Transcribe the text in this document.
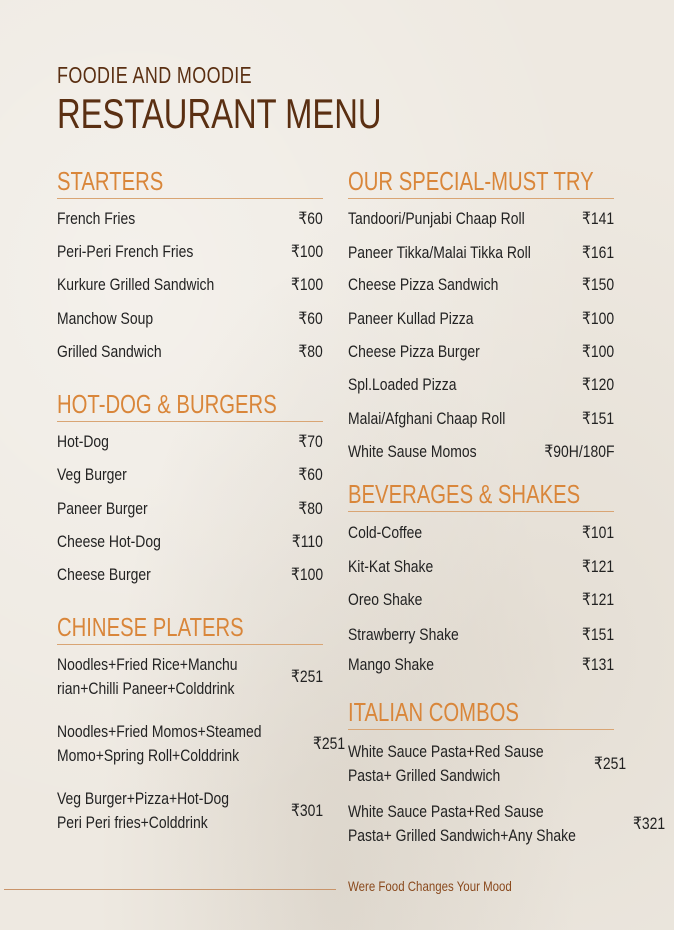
FOODIE AND MOODIE
RESTAURANT MENU
STARTERS
French Fries	₹60
Peri-Peri French Fries	₹100
Kurkure Grilled Sandwich	₹100
Manchow Soup	₹60
Grilled Sandwich	₹80
HOT-DOG & BURGERS
Hot-Dog	₹70
Veg Burger	₹60
Paneer Burger	₹80
Cheese Hot-Dog	₹110
Cheese Burger	₹100
CHINESE PLATERS
Noodles+Fried Rice+Manchu
rian+Chilli Paneer+Colddrink
₹251
Noodles+Fried Momos+Steamed
Momo+Spring Roll+Colddrink
₹251
Veg Burger+Pizza+Hot-Dog
Peri Peri fries+Colddrink
₹301
OUR SPECIAL-MUST TRY
Tandoori/Punjabi Chaap Roll	₹141
Paneer Tikka/Malai Tikka Roll	₹161
Cheese Pizza Sandwich	₹150
Paneer Kullad Pizza	₹100
Cheese Pizza Burger	₹100
Spl.Loaded Pizza	₹120
Malai/Afghani Chaap Roll	₹151
White Sause Momos	₹90H/180F
BEVERAGES & SHAKES
Cold-Coffee	₹101
Kit-Kat Shake	₹121
Oreo Shake	₹121
Strawberry Shake	₹151
Mango Shake	₹131
ITALIAN COMBOS
White Sauce Pasta+Red Sause
Pasta+ Grilled Sandwich
₹251
White Sauce Pasta+Red Sause
Pasta+ Grilled Sandwich+Any Shake
₹321
Were Food Changes Your Mood
